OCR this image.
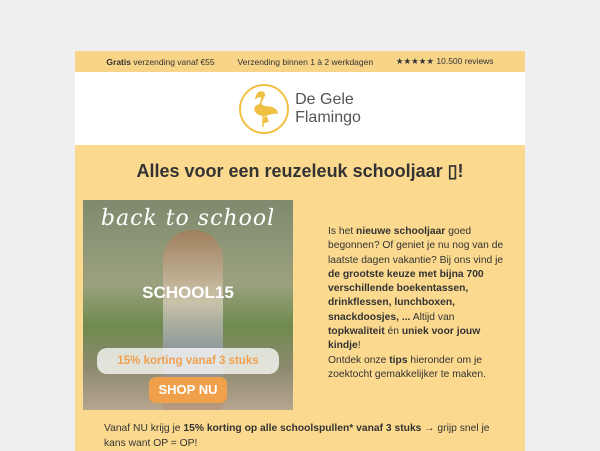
Gratis verzending vanaf €55	Verzending binnen 1 à 2 werkdagen	★★★★★ 10.500 reviews
De Gele
Flamingo
Alles voor een reuzeleuk schooljaar ▯!
back to school
SCHOOL15
15% korting vanaf 3 stuks
SHOP NU
Is het nieuwe schooljaar goed begonnen? Of geniet je nu nog van de laatste dagen vakantie? Bij ons vind je de grootste keuze met bijna 700 verschillende boekentassen, drinkflessen, lunchboxen, snackdoosjes, ... Altijd van topkwaliteit én uniek voor jouw kindje!
Ontdek onze tips hieronder om je zoektocht gemakkelijker te maken.
Vanaf NU krijg je 15% korting op alle schoolspullen* vanaf 3 stuks → grijp snel je kans want OP = OP!
